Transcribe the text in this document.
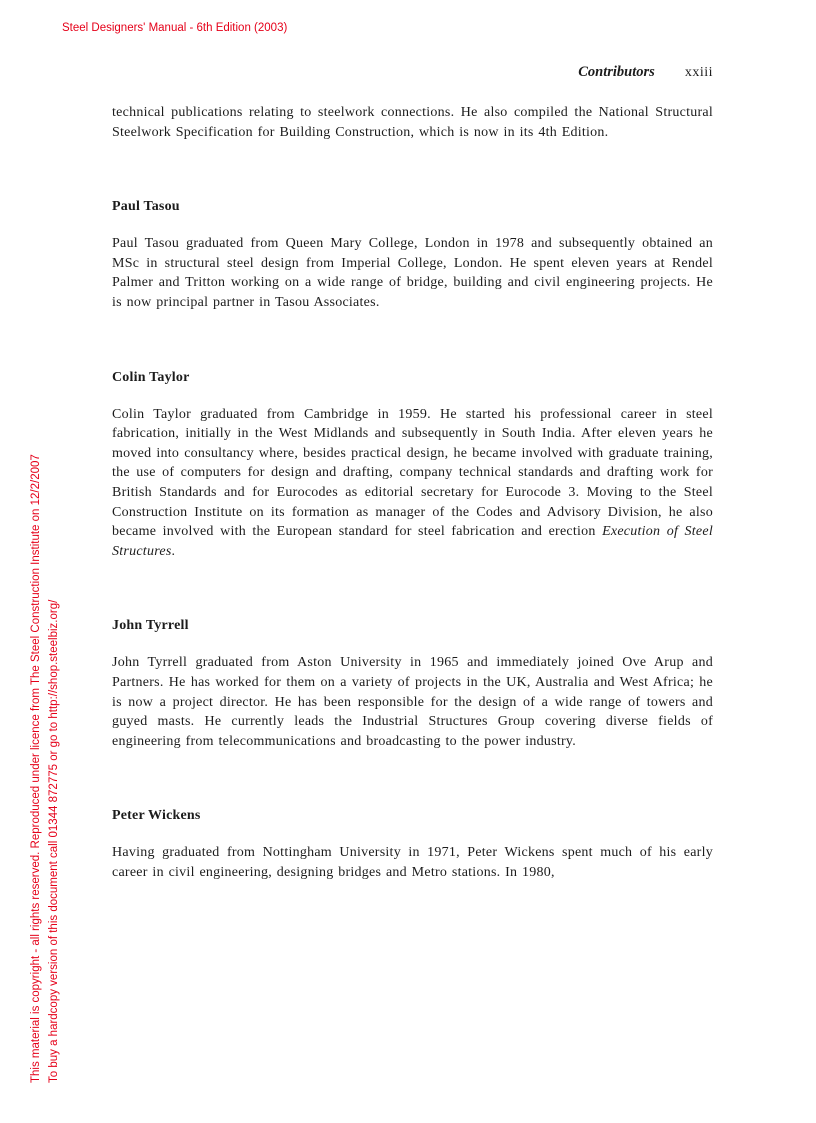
Steel Designers' Manual - 6th Edition (2003)
This material is copyright - all rights reserved. Reproduced under licence from The Steel Construction Institute on 12/2/2007 To buy a hardcopy version of this document call 01344 872775 or go to http://shop.steelbiz.org/
Contributors xxiii

technical publications relating to steelwork connections. He also compiled the National Structural Steelwork Specification for Building Construction, which is now in its 4th Edition.

Paul Tasou

Paul Tasou graduated from Queen Mary College, London in 1978 and subsequently obtained an MSc in structural steel design from Imperial College, London. He spent eleven years at Rendel Palmer and Tritton working on a wide range of bridge, building and civil engineering projects. He is now principal partner in Tasou Associates.

Colin Taylor

Colin Taylor graduated from Cambridge in 1959. He started his professional career in steel fabrication, initially in the West Midlands and subsequently in South India. After eleven years he moved into consultancy where, besides practical design, he became involved with graduate training, the use of computers for design and drafting, company technical standards and drafting work for British Standards and for Eurocodes as editorial secretary for Eurocode 3. Moving to the Steel Construction Institute on its formation as manager of the Codes and Advisory Division, he also became involved with the European standard for steel fabrication and erection Execution of Steel Structures.

John Tyrrell

John Tyrrell graduated from Aston University in 1965 and immediately joined Ove Arup and Partners. He has worked for them on a variety of projects in the UK, Australia and West Africa; he is now a project director. He has been responsible for the design of a wide range of towers and guyed masts. He currently leads the Industrial Structures Group covering diverse fields of engineering from telecommunications and broadcasting to the power industry.

Peter Wickens

Having graduated from Nottingham University in 1971, Peter Wickens spent much of his early career in civil engineering, designing bridges and Metro stations. In 1980,
